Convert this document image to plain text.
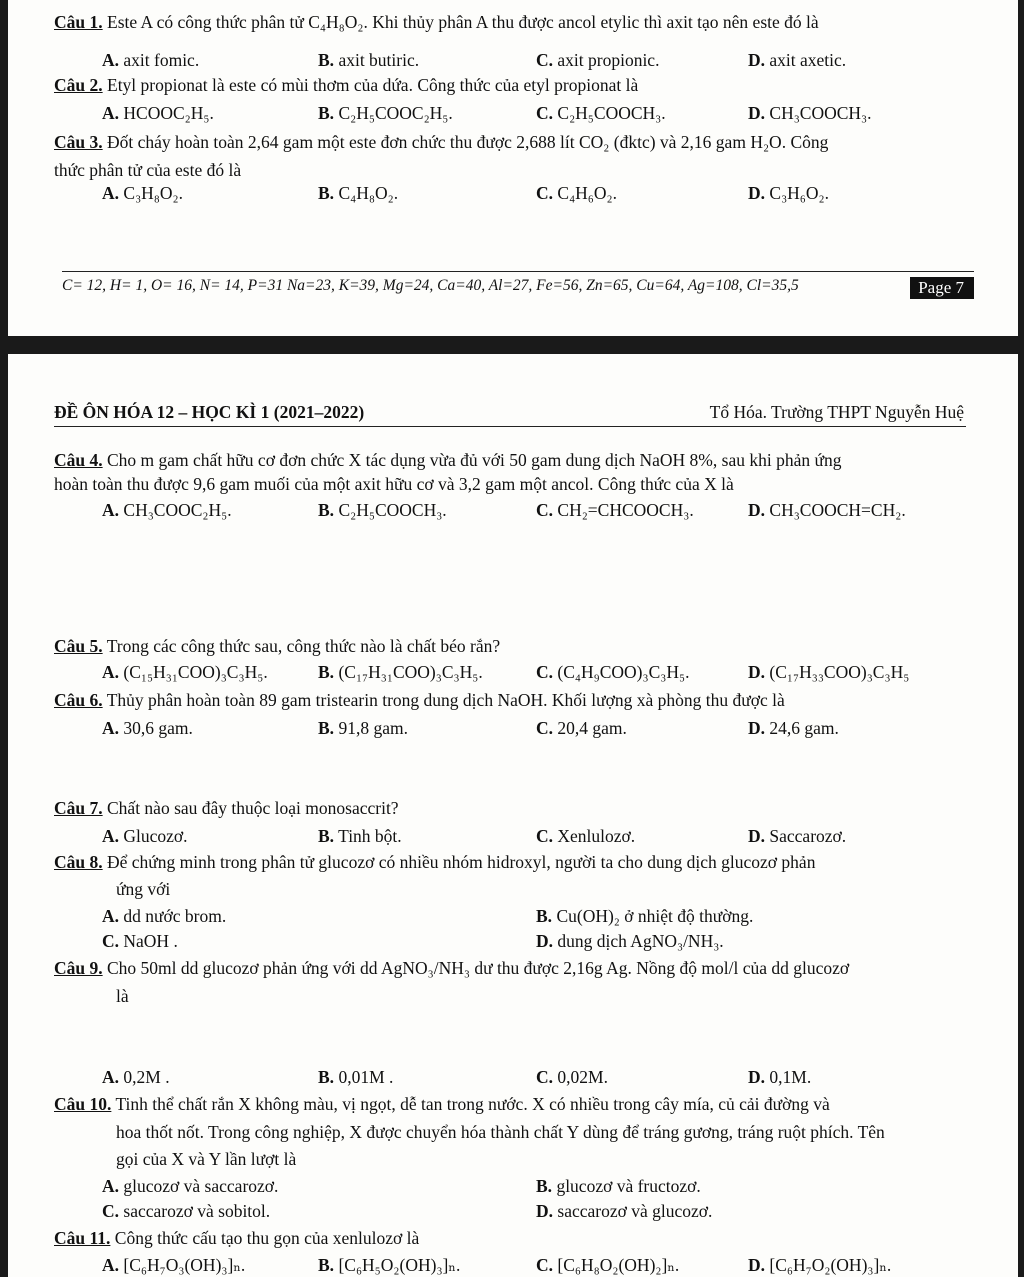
C= 12, H= 1, O= 16, N= 14, P=31 Na=23, K=39, Mg=24, Ca=40, Al=27, Fe=56, Zn=65, Cu=64, Ag=108, Cl=35,5	Page 7
ĐỀ ÔN HÓA 12 – HỌC KÌ 1 (2021–2022)	Tổ Hóa. Trường THPT Nguyễn Huệ
Câu 1. Este A có công thức phân tử C₄H₈O₂. Khi thủy phân A thu được ancol etylic thì axit tạo nên este đó là
A. axit fomic.	B. axit butiric.	C. axit propionic.	D. axit axetic.
Câu 2. Etyl propionat là este có mùi thơm của dứa. Công thức của etyl propionat là
A. HCOOC₂H₅.	B. C₂H₅COOC₂H₅.	C. C₂H₅COOCH₃.	D. CH₃COOCH₃.
Câu 3. Đốt cháy hoàn toàn 2,64 gam một este đơn chức thu được 2,688 lít CO₂ (đktc) và 2,16 gam H₂O. Công
thức phân tử của este đó là
A. C₃H₈O₂.	B. C₄H₈O₂.	C. C₄H₆O₂.	D. C₃H₆O₂.
Câu 4. Cho m gam chất hữu cơ đơn chức X tác dụng vừa đủ với 50 gam dung dịch NaOH 8%, sau khi phản ứng
hoàn toàn thu được 9,6 gam muối của một axit hữu cơ và 3,2 gam một ancol. Công thức của X là
A. CH₃COOC₂H₅.	B. C₂H₅COOCH₃.	C. CH₂=CHCOOCH₃.	D. CH₃COOCH=CH₂.
Câu 5. Trong các công thức sau, công thức nào là chất béo rắn?
A. (C₁₅H₃₁COO)₃C₃H₅.	B. (C₁₇H₃₁COO)₃C₃H₅.	C. (C₄H₉COO)₃C₃H₅.	D. (C₁₇H₃₃COO)₃C₃H₅
Câu 6. Thủy phân hoàn toàn 89 gam tristearin trong dung dịch NaOH. Khối lượng xà phòng thu được là
A. 30,6 gam.	B. 91,8 gam.	C. 20,4 gam.	D. 24,6 gam.
Câu 7. Chất nào sau đây thuộc loại monosaccrit?
A. Glucozơ.	B. Tinh bột.	C. Xenlulozơ.	D. Saccarozơ.
Câu 8. Để chứng minh trong phân tử glucozơ có nhiều nhóm hidroxyl, người ta cho dung dịch glucozơ phản
ứng với
A. dd nước brom.	B. Cu(OH)₂ ở nhiệt độ thường.
C. NaOH .	D. dung dịch AgNO₃/NH₃.
Câu 9. Cho 50ml dd glucozơ phản ứng với dd AgNO₃/NH₃ dư thu được 2,16g Ag. Nồng độ mol/l của dd glucozơ
là
A. 0,2M .	B. 0,01M .	C. 0,02M.	D. 0,1M.
Câu 10. Tinh thể chất rắn X không màu, vị ngọt, dễ tan trong nước. X có nhiều trong cây mía, củ cải đường và
hoa thốt nốt. Trong công nghiệp, X được chuyển hóa thành chất Y dùng để tráng gương, tráng ruột phích. Tên
gọi của X và Y lần lượt là
A. glucozơ và saccarozơ.	B. glucozơ và fructozơ.
C. saccarozơ và sobitol.	D. saccarozơ và glucozơ.
Câu 11. Công thức cấu tạo thu gọn của xenlulozơ là
A. [C₆H₇O₃(OH)₃]ₙ.	B. [C₆H₅O₂(OH)₃]ₙ.	C. [C₆H₈O₂(OH)₂]ₙ.	D. [C₆H₇O₂(OH)₃]ₙ.
